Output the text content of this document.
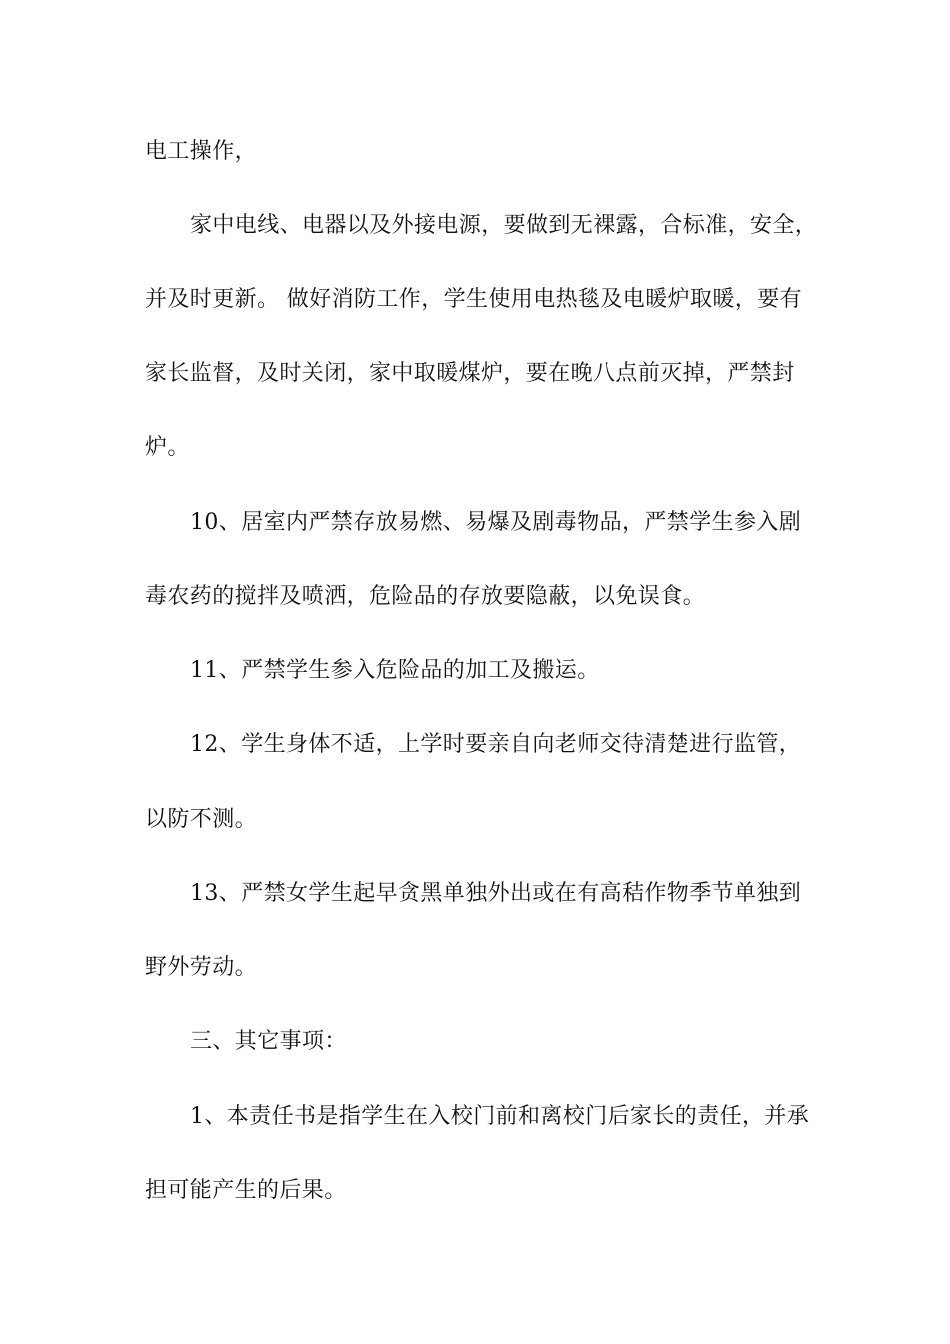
电工操作，

家中电线、电器以及外接电源，要做到无裸露，合标准，安全，

并及时更新。 做好消防工作，学生使用电热毯及电暖炉取暖，要有

家长监督，及时关闭，家中取暖煤炉，要在晚八点前灭掉，严禁封

炉。

10、居室内严禁存放易燃、易爆及剧毒物品，严禁学生参入剧

毒农药的搅拌及喷洒，危险品的存放要隐蔽，以免误食。

11、严禁学生参入危险品的加工及搬运。

12、学生身体不适，上学时要亲自向老师交待清楚进行监管，

以防不测。

13、严禁女学生起早贪黑单独外出或在有高秸作物季节单独到

野外劳动。

三、其它事项：

1、本责任书是指学生在入校门前和离校门后家长的责任，并承

担可能产生的后果。
